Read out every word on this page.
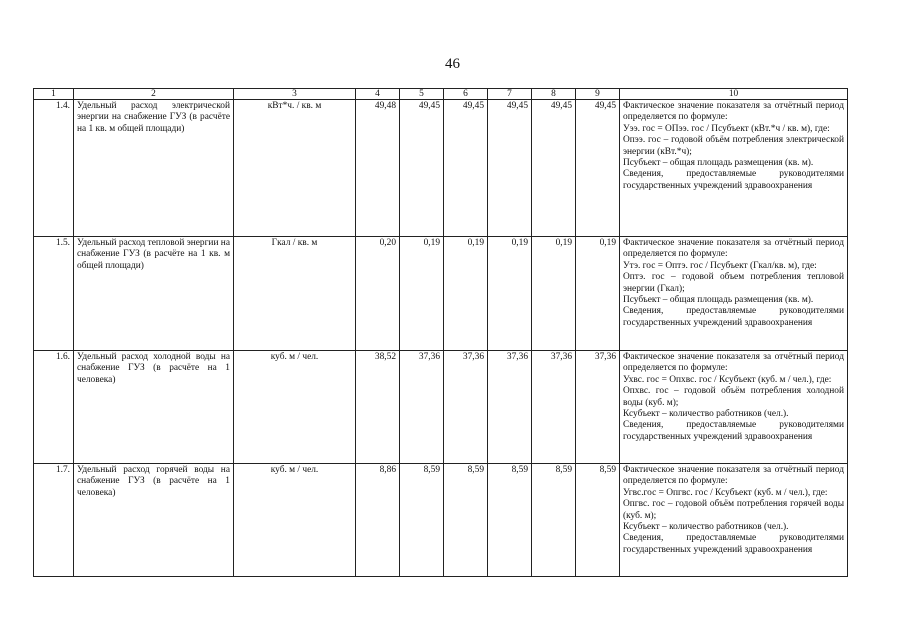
46
1	2	3	4	5	6	7	8	9	10
1.4.	Удельный расход электрической энергии на снабжение ГУЗ (в расчёте на 1 кв. м общей площади)	кВт*ч. / кв. м	49,48	49,45	49,45	49,45	49,45	49,45	Фактическое значение показателя за отчётный период определяется по формуле:

Уээ. гос = ОПээ. гос / Псубъект (кВт.*ч / кв. м), где:

Опээ. гос – годовой объём потребления электрической энергии (кВт.*ч);

Псубъект – общая площадь размещения (кв. м).

Сведения, предоставляемые руководителями государственных учреждений здравоохранения

1.5.	Удельный расход тепловой энергии на снабжение ГУЗ (в расчёте на 1 кв. м общей площади)	Гкал / кв. м	0,20	0,19	0,19	0,19	0,19	0,19	Фактическое значение показателя за отчётный период определяется по формуле:

Утэ. гос = Оптэ. гос / Псубъект (Гкал/кв. м), где:

Оптэ. гос – годовой объем потребления тепловой энергии (Гкал);

Псубъект – общая площадь размещения (кв. м).

Сведения, предоставляемые руководителями государственных учреждений здравоохранения

1.6.	Удельный расход холодной воды на снабжение ГУЗ (в расчёте на 1 человека)	куб. м / чел.	38,52	37,36	37,36	37,36	37,36	37,36	Фактическое значение показателя за отчётный период определяется по формуле:

Ухвс. гос = Опхвс. гос / Ксубъект (куб. м / чел.), где:

Опхвс. гос – годовой объём потребления холодной воды (куб. м);

Ксубъект – количество работников (чел.).

Сведения, предоставляемые руководителями государственных учреждений здравоохранения

1.7.	Удельный расход горячей воды на снабжение ГУЗ (в расчёте на 1 человека)	куб. м / чел.	8,86	8,59	8,59	8,59	8,59	8,59	Фактическое значение показателя за отчётный период определяется по формуле:

Угвс.гос = Опгвс. гос / Ксубъект (куб. м / чел.), где:

Опгвс. гос – годовой объём потребления горячей воды (куб. м);

Ксубъект – количество работников (чел.).

Сведения, предоставляемые руководителями государственных учреждений здравоохранения
